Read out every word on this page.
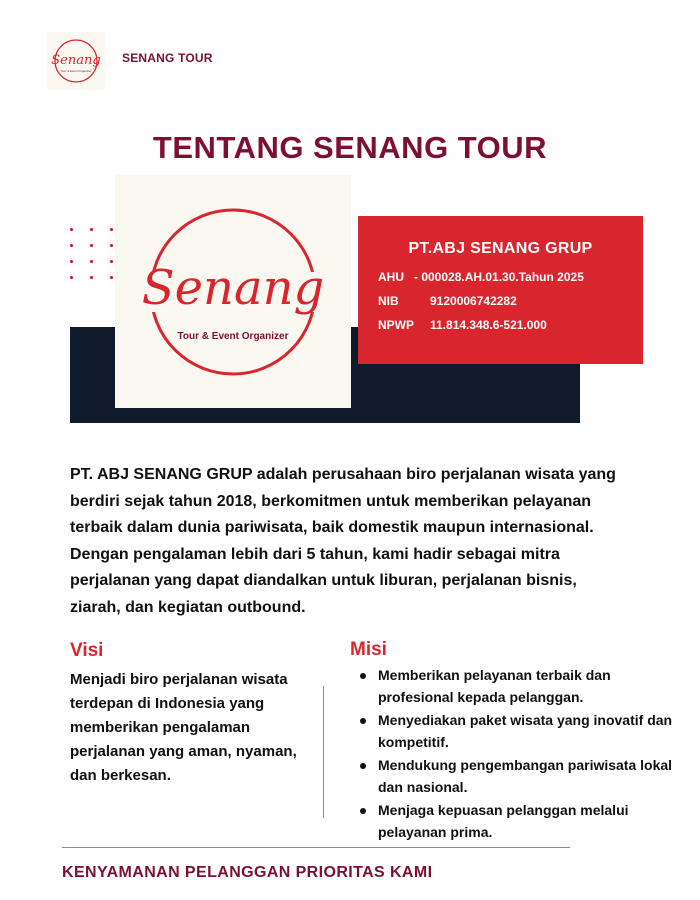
Senang
Tour & Event Organizer
SENANG TOUR
TENTANG SENANG TOUR
Senang
Tour & Event Organizer
PT.ABJ SENANG GRUP
AHU - 000028.AH.01.30.Tahun 2025
NIB	9120006742282
NPWP 11.814.348.6-521.000

PT. ABJ SENANG GRUP adalah perusahaan biro perjalanan wisata yang berdiri sejak tahun 2018, berkomitmen untuk memberikan pelayanan terbaik dalam dunia pariwisata, baik domestik maupun internasional. Dengan pengalaman lebih dari 5 tahun, kami hadir sebagai mitra perjalanan yang dapat diandalkan untuk liburan, perjalanan bisnis, ziarah, dan kegiatan outbound.

Visi

Menjadi biro perjalanan wisata terdepan di Indonesia yang memberikan pengalaman perjalanan yang aman, nyaman, dan berkesan.

Misi
Memberikan pelayanan terbaik dan profesional kepada pelanggan.
Menyediakan paket wisata yang inovatif dan kompetitif.
Mendukung pengembangan pariwisata lokal dan nasional.
Menjaga kepuasan pelanggan melalui pelayanan prima.
KENYAMANAN PELANGGAN PRIORITAS KAMI
